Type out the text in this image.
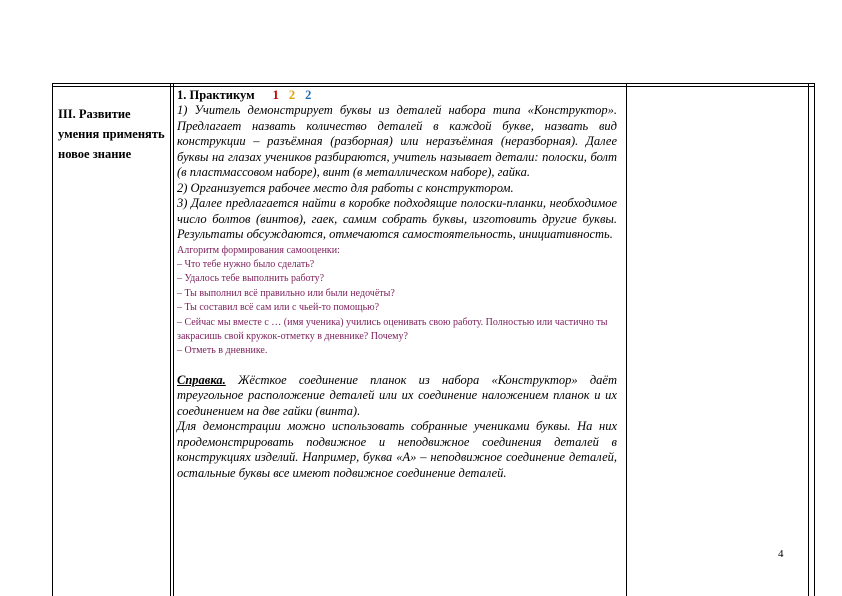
III. Развитие умения применять новое знание

1. Практикум 1 2 2

1) Учитель демонстрирует буквы из деталей набора типа «Конструктор». Предлагает назвать количество деталей в каждой букве, назвать вид конструкции – разъёмная (разборная) или неразъёмная (неразборная). Далее буквы на глазах учеников разбираются, учитель называет детали: полоски, болт (в пластмассовом наборе), винт (в металлическом наборе), гайка.

2) Организуется рабочее место для работы с конструктором.

3) Далее предлагается найти в коробке подходящие полоски-планки, необходимое число болтов (винтов), гаек, самим собрать буквы, изготовить другие буквы. Результаты обсуждаются, отмечаются самостоятельность, инициативность.

Алгоритм формирования самооценки:
– Что тебе нужно было сделать?
– Удалось тебе выполнить работу?
– Ты выполнил всё правильно или были недочёты?
– Ты составил всё сам или с чьей-то помощью?
– Сейчас мы вместе с … (имя ученика) учились оценивать свою работу. Полностью или частично ты закрасишь свой кружок-отметку в дневнике? Почему?
– Отметь в дневнике.

Справка. Жёсткое соединение планок из набора «Конструктор» даёт треугольное расположение деталей или их соединение наложением планок и их соединением на две гайки (винта).

Для демонстрации можно использовать собранные учениками буквы. На них продемонстрировать подвижное и неподвижное соединения деталей в конструкциях изделий. Например, буква «А» – неподвижное соединение деталей, остальные буквы все имеют подвижное соединение деталей.

4
